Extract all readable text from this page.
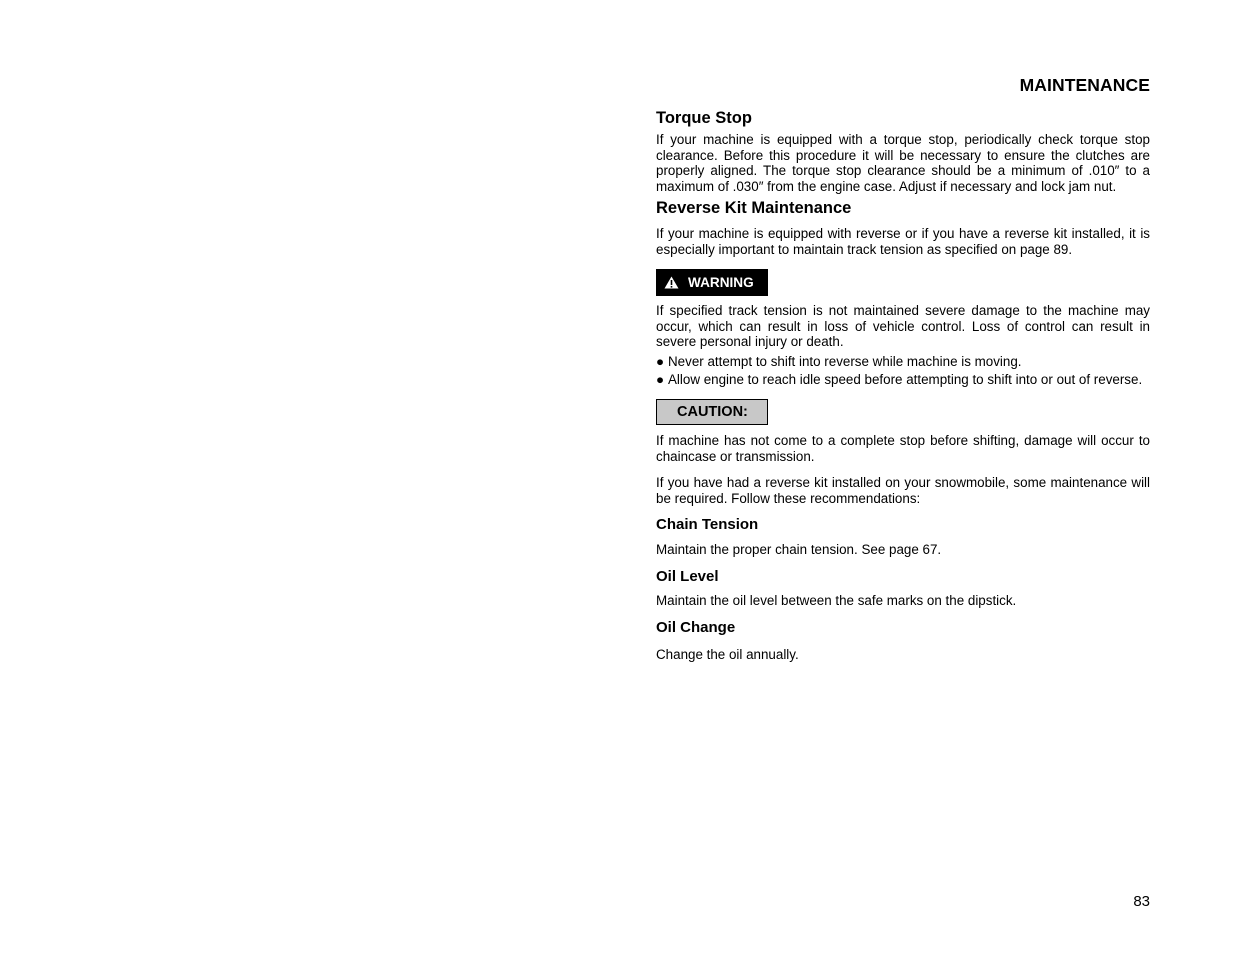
MAINTENANCE
Torque Stop

If your machine is equipped with a torque stop, periodically check torque stop clearance. Before this procedure it will be necessary to ensure the clutches are properly aligned. The torque stop clearance should be a minimum of .010″ to a maximum of .030″ from the engine case. Adjust if necessary and lock jam nut.

Reverse Kit Maintenance

If your machine is equipped with reverse or if you have a reverse kit installed, it is especially important to maintain track tension as specified on page 89.

WARNING

If specified track tension is not maintained severe damage to the machine may occur, which can result in loss of vehicle control. Loss of control can result in severe personal injury or death.

● Never attempt to shift into reverse while machine is moving.
● Allow engine to reach idle speed before attempting to shift into or out of reverse.
CAUTION:

If machine has not come to a complete stop before shifting, damage will occur to chaincase or transmission.

If you have had a reverse kit installed on your snowmobile, some maintenance will be required. Follow these recommendations:

Chain Tension

Maintain the proper chain tension. See page 67.

Oil Level

Maintain the oil level between the safe marks on the dipstick.

Oil Change

Change the oil annually.

83
